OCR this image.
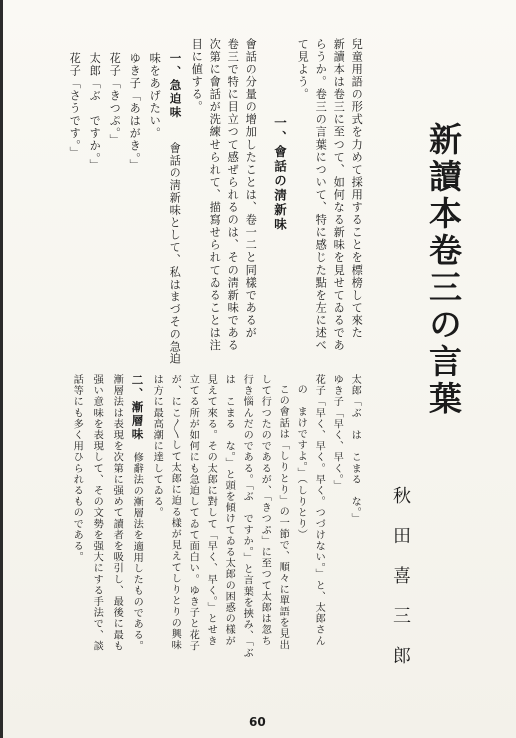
新讀本卷三の言葉
秋田喜三郎

兒童用語の形式を力めて採用することを標榜して來た

新讀本は卷三に至つて、如何なる新味を見せてゐるであ

らうか。卷三の言葉について、特に感じた點を左に述べ

て見よう。

一、會話の淸新味

會話の分量の增加したことは、卷一二と同樣であるが

卷三で特に目立つて感ぜられるのは、その淸新味である

次第に會話が洗練せられて、描寫せられてゐることは注

目に値する。

一、急迫味

會話の淸新味として、私はまづその急迫

味をあげたい。

ゆき子「あはがき。」

花子「きつぷ。」

太郎「ぶ　ですか。」

花子「さうです。」

太郎「ぶ　は　こまる　な。」

ゆき子「早く、早く。」

花子「早く、早く。早く。つづけない。」と、太郎さん

の　まけですよ。」（しりとり）

この會話は「しりとり」の一節で、順々に單語を見出

して行つたのであるが、「きつぷ」に至つて太郎は忽ち

行き惱んだのである。「ぶ　ですか。」と言葉を挾み、「ぶ

は　こまる　な。」と頭を傾けてゐる太郎の困惑の樣が

見えて來る。その太郎に對して「早く、早く。」とせき

立てる所が如何にも急迫してゐて面白い。ゆき子と花子

が、にこ〳〵して太郎に迫る樣が見えてしりとりの興味

は方に最高潮に達してゐる。

二、漸層味

修辭法の漸層法を適用したものである。

漸層法は表現を次第に强めて讀者を吸引し、最後に最も

强い意味を表現して、その文勢を强大にする手法で、談

話等にも多く用ひられるものである。

60
